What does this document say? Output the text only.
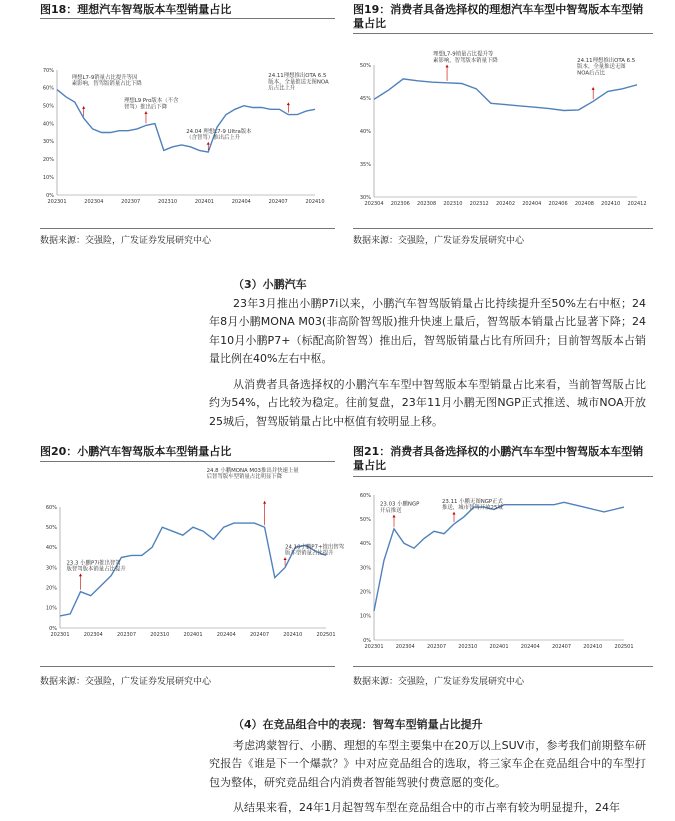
图18：理想汽车智驾版本车型销量占比
0%
10%
20%
30%
40%
50%
60%
70%
202301	202304	202307	202310	202401	202404	202407	202410
理想L7-9销量占比提升等因
素影响，智驾版销量占比下降
理想L9 Pro版本（不含
智驾）推出后下降
24.04 理想L7-9 Ultra版本
（含智驾）推出后上升
24.11理想推出OTA 6.5
版本，全量推送无图NOA
后占比上升
数据来源：交强险，广发证券发展研究中心
图19：消费者具备选择权的理想汽车车型中智驾版本车型销量占比
30%
35%
40%
45%
50%
202304 202306 202308 202310 202312 202402 202404 202406 202408 202410 202412
理想L7-9销量占比提升等
素影响，智驾版本销量下降	24.11理想推出OTA 6.5
版本，全量推送无图
NOA后占比
数据来源：交强险，广发证券发展研究中心
（3）小鹏汽车
23年3月推出小鹏P7i以来，小鹏汽车智驾版销量占比持续提升至50%左右中枢；24年8月小鹏MONA M03(非高阶智驾版)推升快速上量后，智驾版本销量占比显著下降；24年10月小鹏P7+（标配高阶智驾）推出后，智驾版销量占比有所回升；目前智驾版本占销量比例在40%左右中枢。
从消费者具备选择权的小鹏汽车车型中智驾版本车型销量占比来看，当前智驾版占比约为54%，占比较为稳定。往前复盘，23年11月小鹏无图NGP正式推送、城市NOA开放25城后，智驾版销量占比中枢值有较明显上移。
图20：小鹏汽车智驾版本车型销量占比
0%
10%
20%
30%
40%
50%
60%
202301	202304	202307	202310	202401	202404	202407	202410	202501
23.3 小鹏P7i推出智驾
版智驾版本销量占比提升
24.8 小鹏MONA M03推出并快速上量
后智驾版车型销量占比明显下降
24.10小鹏P7+推出智驾
版车型销量占比提升
数据来源：交强险，广发证券发展研究中心
图21：消费者具备选择权的小鹏汽车车型中智驾版本车型销量占比
0%
10%
20%
30%
40%
50%
60%
202301 202304 202307 202310 202401 202404 202407 202410 202501
23.03 小鹏NGP
开启推送
23.11 小鹏无图NGP正式
推送，城市智驾开放25城
数据来源：交强险，广发证券发展研究中心
（4）在竞品组合中的表现：智驾车型销量占比提升
考虑鸿蒙智行、小鹏、理想的车型主要集中在20万以上SUV市，参考我们前期整车研究报告《谁是下一个爆款？》中对应竞品组合的选取，将三家车企在竞品组合中的车型打包为整体，研究竞品组合内消费者智能驾驶付费意愿的变化。
从结果来看，24年1月起智驾车型在竞品组合中的市占率有较为明显提升，24年
